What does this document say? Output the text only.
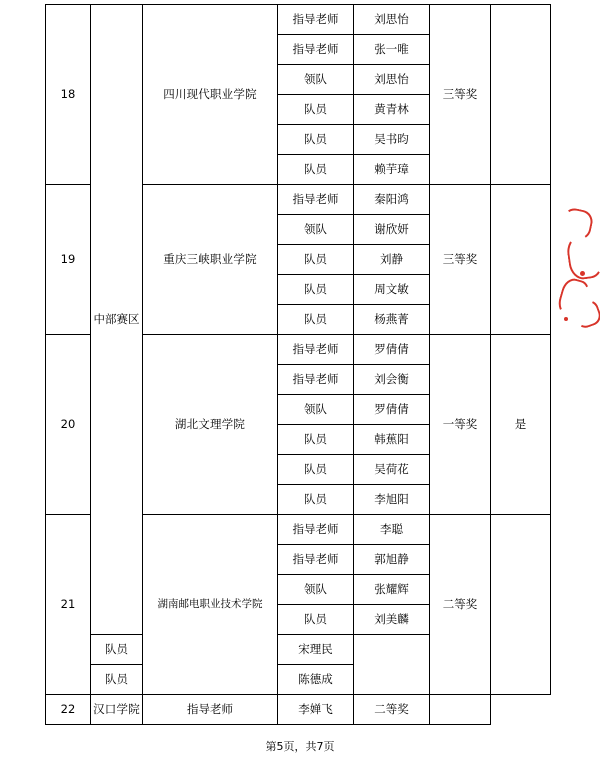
18	中部赛区	四川现代职业学院	指导老师	刘思怡	三等奖	
			指导老师	张一唯		
			领队	刘思怡		
			队员	黄青林		
			队员	吴书昀		
			队员	赖芋璋		
19		重庆三峡职业学院	指导老师	秦阳鸿	三等奖	
			领队	谢欣妍		
			队员	刘静		
			队员	周文敏		
			队员	杨燕菁		
20		湖北文理学院	指导老师	罗倩倩	一等奖	是
			指导老师	刘会衡		
			领队	罗倩倩		
			队员	韩蕉阳		
			队员	吴荷花		
			队员	李旭阳		
21		湖南邮电职业技术学院	指导老师	李聪	二等奖	
			指导老师	郭旭静		
			领队	张耀辉		
			队员	刘美麟		
	队员		宋理民			
	队员		陈德成			
22	汉口学院	指导老师	李婵飞	二等奖		
第5页，共7页
